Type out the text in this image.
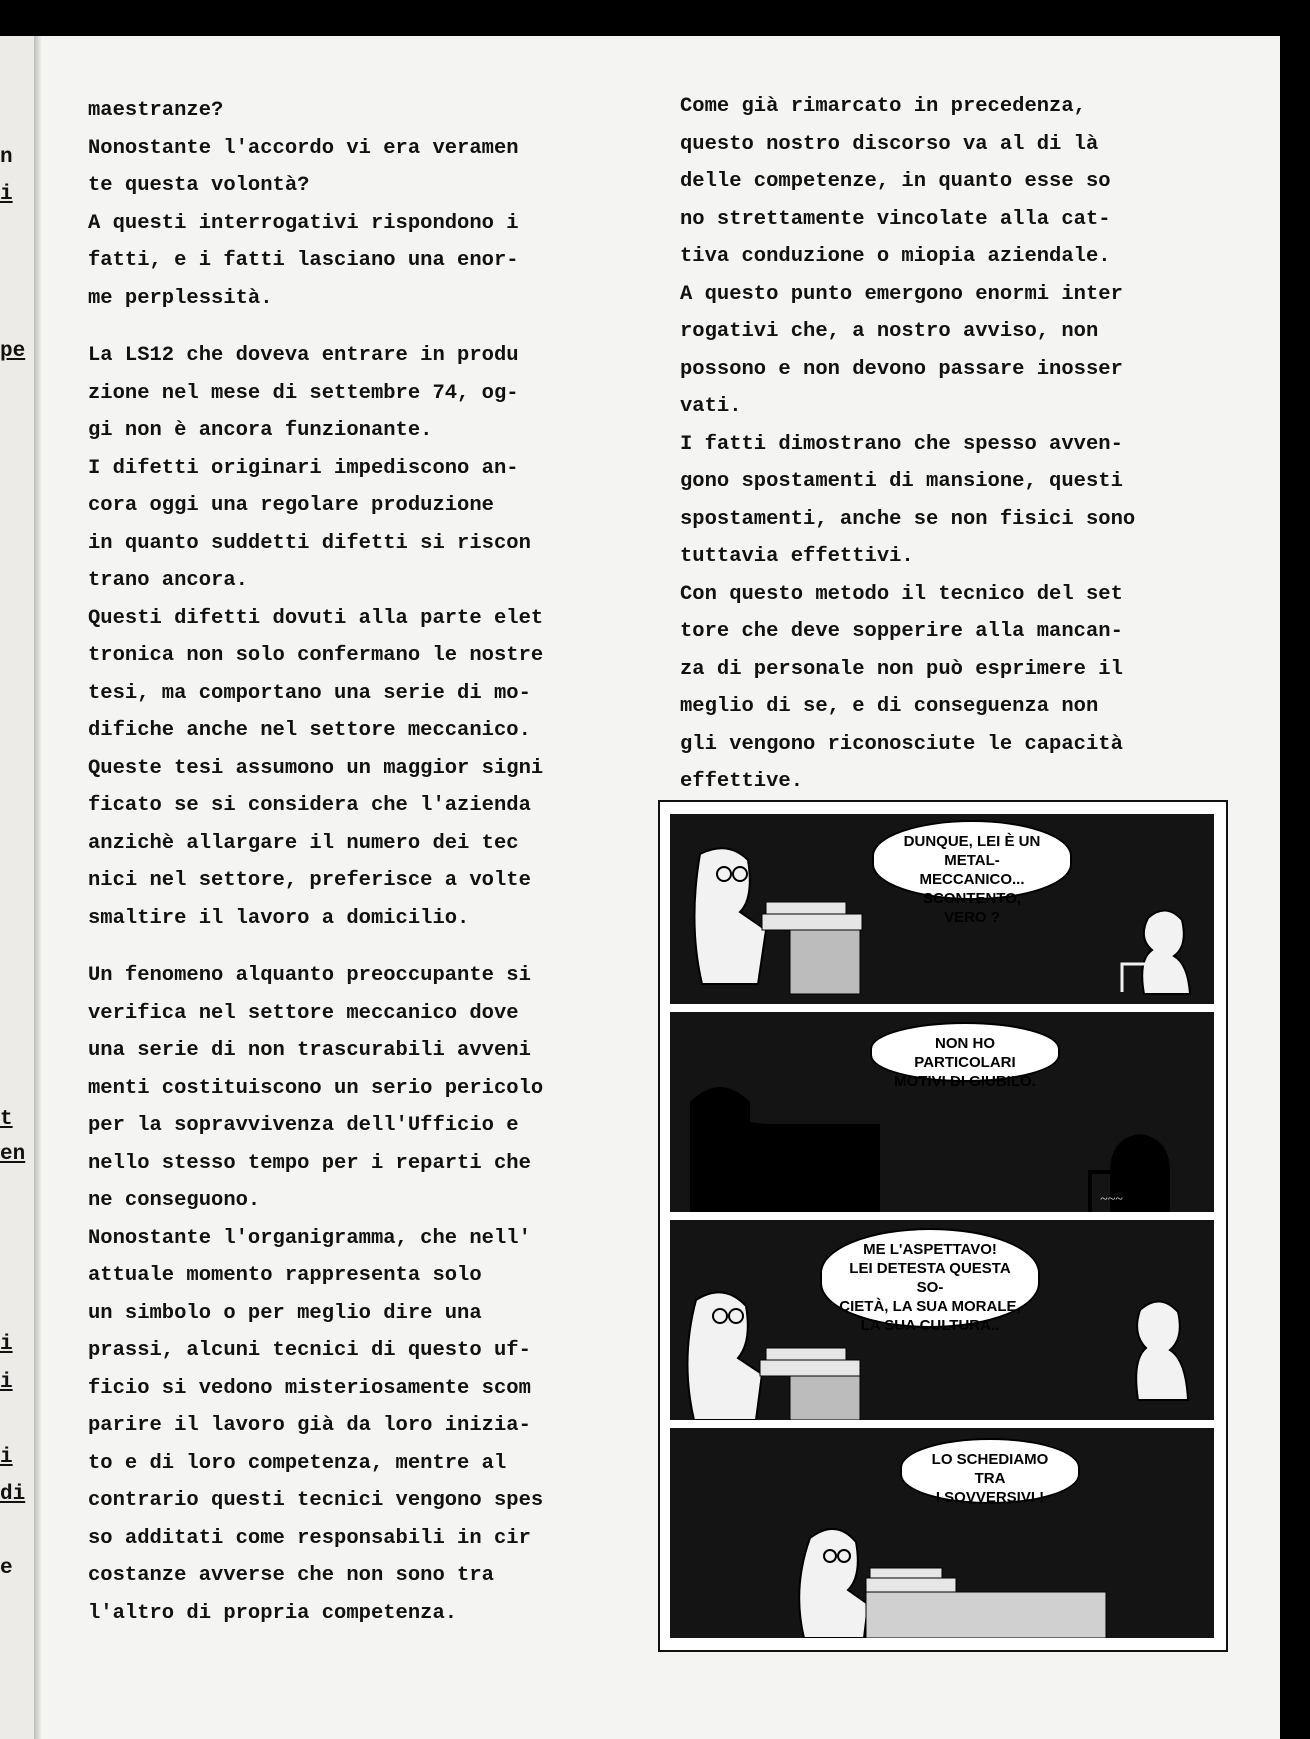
n
i
pe
t
en
i
i
i
di
e

maestranze?

Nonostante l'accordo vi era veramen

te questa volontà?

A questi interrogativi rispondono i

fatti, e i fatti lasciano una enor-

me perplessità.

La LS12 che doveva entrare in produ

zione nel mese di settembre 74, og-

gi non è ancora funzionante.

I difetti originari impediscono an-

cora oggi una regolare produzione

in quanto suddetti difetti si riscon

trano ancora.

Questi difetti dovuti alla parte elet

tronica non solo confermano le nostre

tesi, ma comportano una serie di mo-

difiche anche nel settore meccanico.

Queste tesi assumono un maggior signi

ficato se si considera che l'azienda

anzichè allargare il numero dei tec

nici nel settore, preferisce a volte

smaltire il lavoro a domicilio.

Un fenomeno alquanto preoccupante si

verifica nel settore meccanico dove

una serie di non trascurabili avveni

menti costituiscono un serio pericolo

per la sopravvivenza dell'Ufficio e

nello stesso tempo per i reparti che

ne conseguono.

Nonostante l'organigramma, che nell'

attuale momento rappresenta solo

un simbolo o per meglio dire una

prassi, alcuni tecnici di questo uf-

ficio si vedono misteriosamente scom

parire il lavoro già da loro inizia-

to e di loro competenza, mentre al

contrario questi tecnici vengono spes

so additati come responsabili in cir

costanze avverse che non sono tra

l'altro di propria competenza.

Come già rimarcato in precedenza,

questo nostro discorso va al di là

delle competenze, in quanto esse so

no strettamente vincolate alla cat-

tiva conduzione o miopia aziendale.

A questo punto emergono enormi inter

rogativi che, a nostro avviso, non

possono e non devono passare inosser

vati.

I fatti dimostrano che spesso avven-

gono spostamenti di mansione, questi

spostamenti, anche se non fisici sono

tuttavia effettivi.

Con questo metodo il tecnico del set

tore che deve sopperire alla mancan-

za di personale non può esprimere il

meglio di se, e di conseguenza non

gli vengono riconosciute le capacità

effettive.

DUNQUE, LEI È UN METAL-
MECCANICO... SCONTENTO,
VERO ?
NON HO PARTICOLARI
MOTIVI DI GIUBILO.
~~~
ME L'ASPETTAVO!
LEI DETESTA QUESTA SO-
CIETÀ, LA SUA MORALE,
LA SUA CULTURA..
LO SCHEDIAMO TRA
I SOVVERSIVI !
